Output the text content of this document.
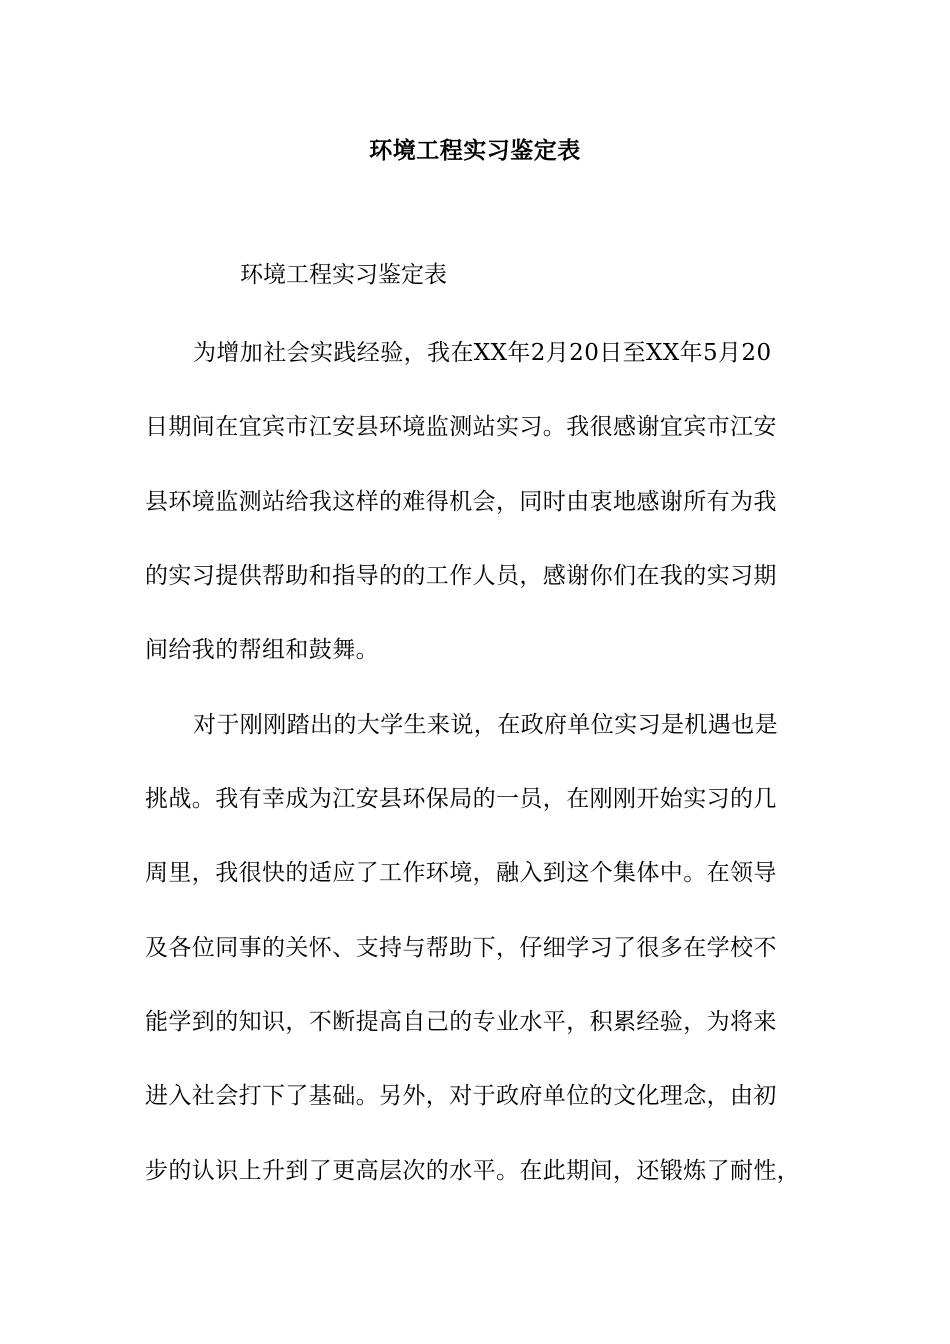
环境工程实习鉴定表
环境工程实习鉴定表
为增加社会实践经验，我在XX年2月20日至XX年5月20
日期间在宜宾市江安县环境监测站实习。我很感谢宜宾市江安
县环境监测站给我这样的难得机会，同时由衷地感谢所有为我
的实习提供帮助和指导的的工作人员，感谢你们在我的实习期
间给我的帮组和鼓舞。
对于刚刚踏出的大学生来说，在政府单位实习是机遇也是
挑战。我有幸成为江安县环保局的一员，在刚刚开始实习的几
周里，我很快的适应了工作环境，融入到这个集体中。在领导
及各位同事的关怀、支持与帮助下，仔细学习了很多在学校不
能学到的知识，不断提高自己的专业水平，积累经验，为将来
进入社会打下了基础。另外，对于政府单位的文化理念，由初
步的认识上升到了更高层次的水平。在此期间，还锻炼了耐性，
